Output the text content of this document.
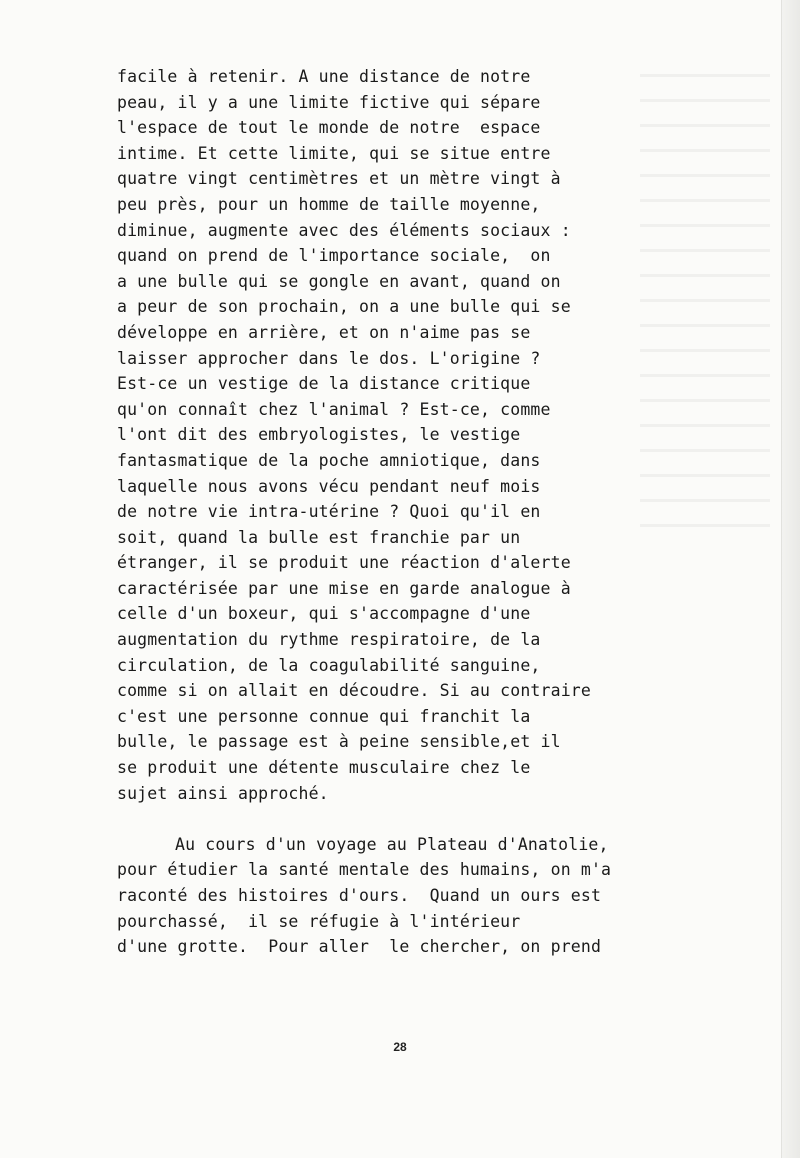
facile à retenir. A une distance de notre
peau, il y a une limite fictive qui sépare
l'espace de tout le monde de notre  espace
intime. Et cette limite, qui se situe entre
quatre vingt centimètres et un mètre vingt à
peu près, pour un homme de taille moyenne,
diminue, augmente avec des éléments sociaux :
quand on prend de l'importance sociale,  on
a une bulle qui se gongle en avant, quand on
a peur de son prochain, on a une bulle qui se
développe en arrière, et on n'aime pas se
laisser approcher dans le dos. L'origine ?
Est-ce un vestige de la distance critique
qu'on connaît chez l'animal ? Est-ce, comme
l'ont dit des embryologistes, le vestige
fantasmatique de la poche amniotique, dans
laquelle nous avons vécu pendant neuf mois
de notre vie intra-utérine ? Quoi qu'il en
soit, quand la bulle est franchie par un
étranger, il se produit une réaction d'alerte
caractérisée par une mise en garde analogue à
celle d'un boxeur, qui s'accompagne d'une
augmentation du rythme respiratoire, de la
circulation, de la coagulabilité sanguine,
comme si on allait en découdre. Si au contraire
c'est une personne connue qui franchit la
bulle, le passage est à peine sensible,et il
se produit une détente musculaire chez le
sujet ainsi approché.
Au cours d'un voyage au Plateau d'Anatolie,
pour étudier la santé mentale des humains, on m'a
raconté des histoires d'ours.  Quand un ours est
pourchassé,  il se réfugie à l'intérieur
d'une grotte.  Pour aller  le chercher, on prend
28
